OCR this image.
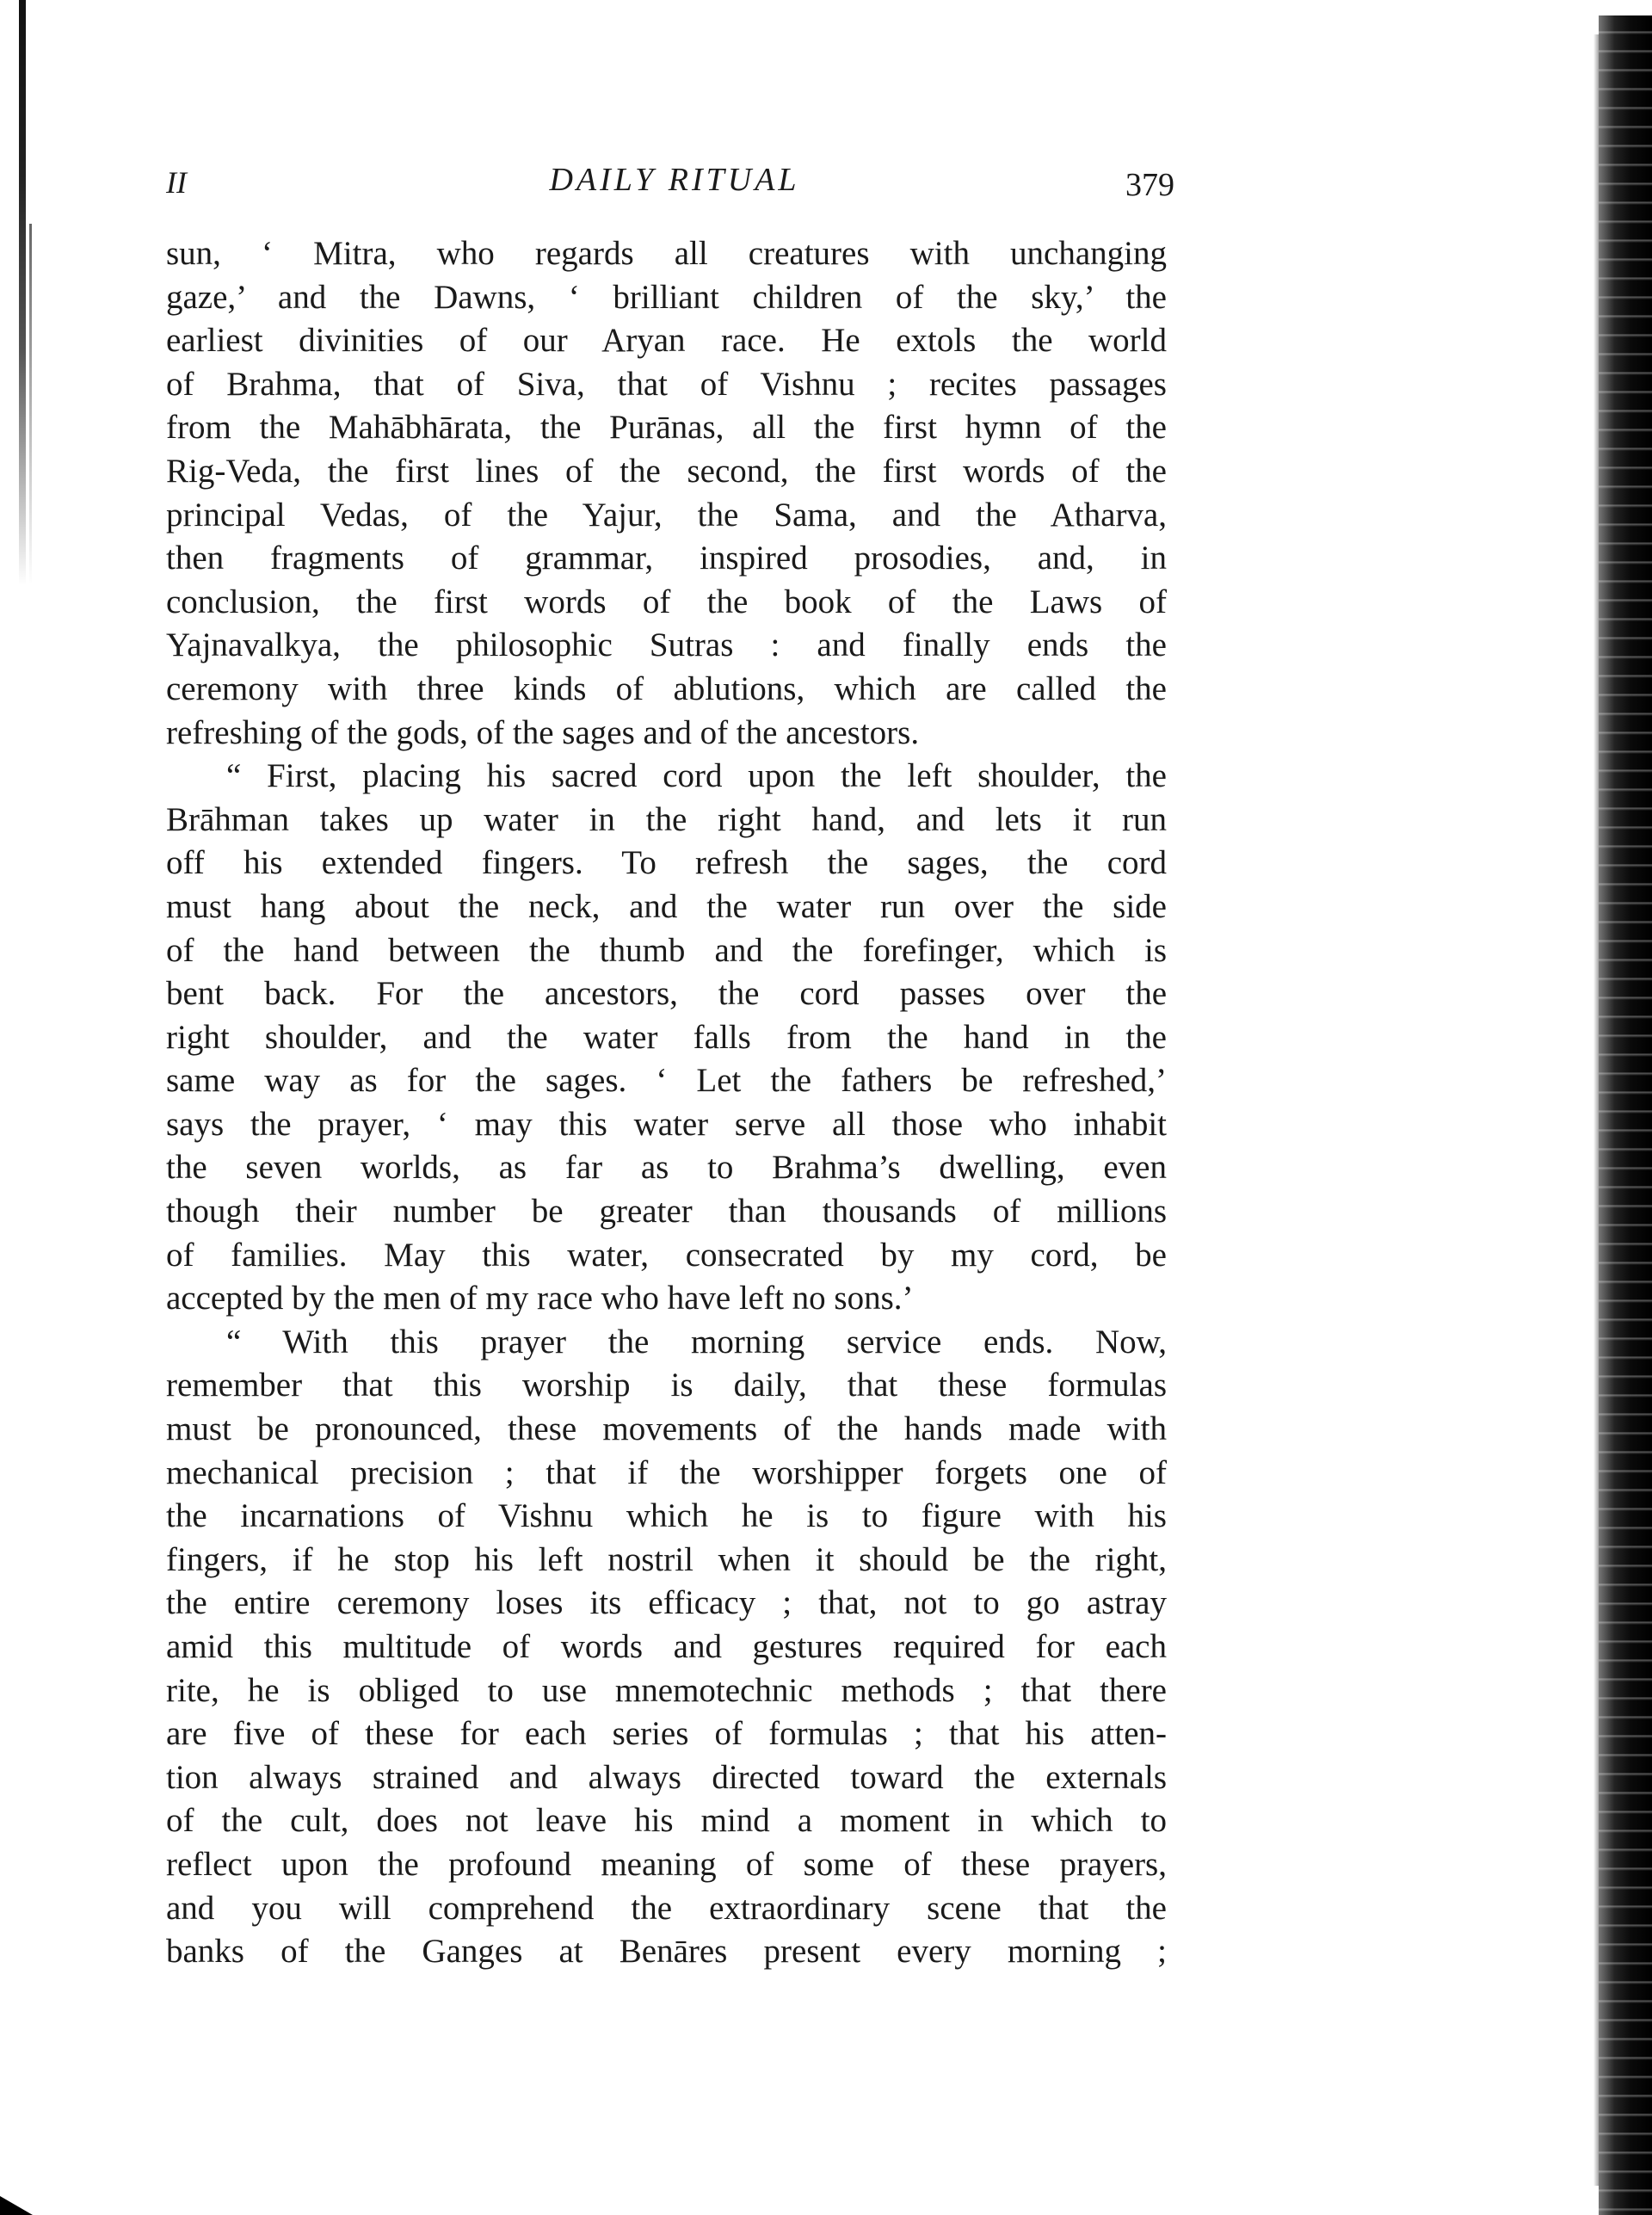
II	DAILY RITUAL	379
sun, ‘ Mitra, who regards all creatures with unchanging
gaze,’ and the Dawns, ‘ brilliant children of the sky,’ the
earliest divinities of our Aryan race. He extols the world
of Brahma, that of Siva, that of Vishnu ; recites passages
from the Mahābhārata, the Purānas, all the first hymn of the
Rig-Veda, the first lines of the second, the first words of the
principal Vedas, of the Yajur, the Sama, and the Atharva,
then fragments of grammar, inspired prosodies, and, in
conclusion, the first words of the book of the Laws of
Yajnavalkya, the philosophic Sutras : and finally ends the
ceremony with three kinds of ablutions, which are called the
refreshing of the gods, of the sages and of the ancestors.
“ First, placing his sacred cord upon the left shoulder, the
Brāhman takes up water in the right hand, and lets it run
off his extended fingers. To refresh the sages, the cord
must hang about the neck, and the water run over the side
of the hand between the thumb and the forefinger, which is
bent back. For the ancestors, the cord passes over the
right shoulder, and the water falls from the hand in the
same way as for the sages. ‘ Let the fathers be refreshed,’
says the prayer, ‘ may this water serve all those who inhabit
the seven worlds, as far as to Brahma’s dwelling, even
though their number be greater than thousands of millions
of families. May this water, consecrated by my cord, be
accepted by the men of my race who have left no sons.’
“ With this prayer the morning service ends. Now,
remember that this worship is daily, that these formulas
must be pronounced, these movements of the hands made with
mechanical precision ; that if the worshipper forgets one of
the incarnations of Vishnu which he is to figure with his
fingers, if he stop his left nostril when it should be the right,
the entire ceremony loses its efficacy ; that, not to go astray
amid this multitude of words and gestures required for each
rite, he is obliged to use mnemotechnic methods ; that there
are five of these for each series of formulas ; that his atten-
tion always strained and always directed toward the externals
of the cult, does not leave his mind a moment in which to
reflect upon the profound meaning of some of these prayers,
and you will comprehend the extraordinary scene that the
banks of the Ganges at Benāres present every morning ;
